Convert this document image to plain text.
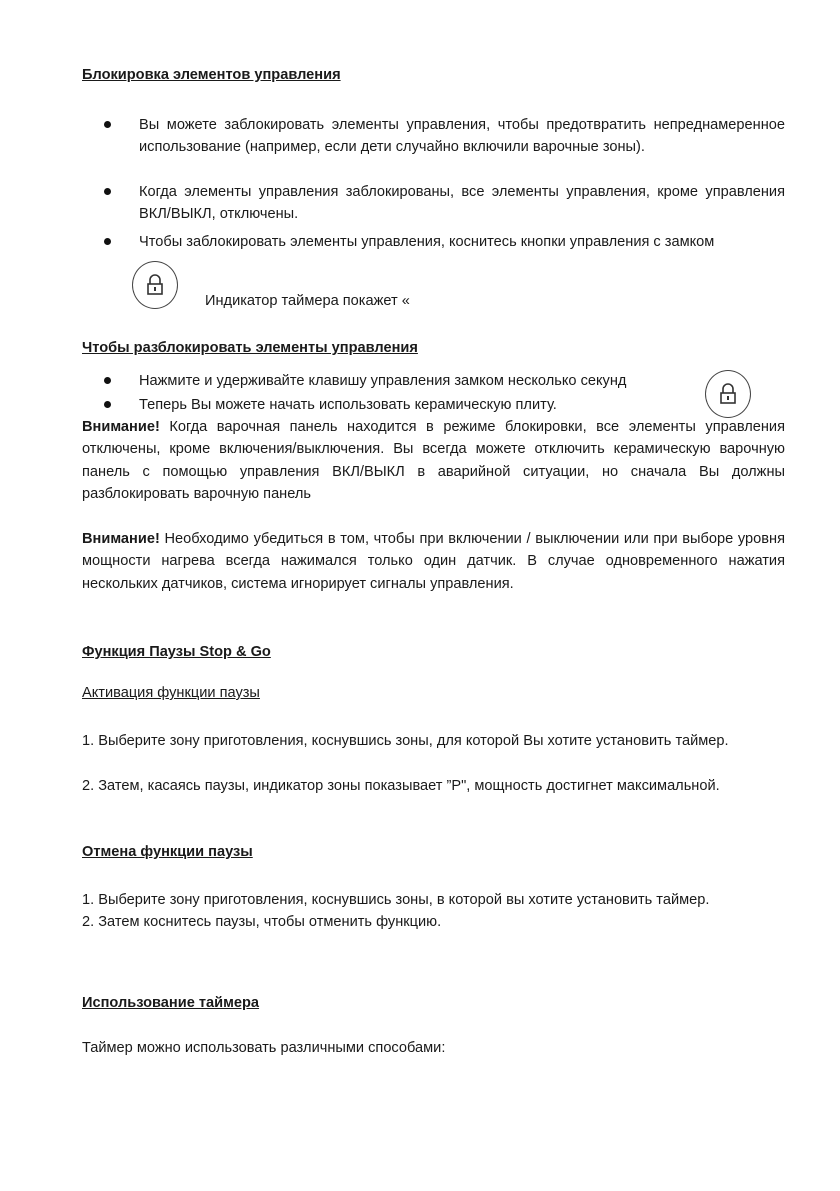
Блокировка элементов управления
Вы можете заблокировать элементы управления, чтобы предотвратить непреднамеренное использование (например, если дети случайно включили варочные зоны).
Когда элементы управления заблокированы, все элементы управления, кроме управления ВКЛ/ВЫКЛ, отключены.
Чтобы заблокировать элементы управления, коснитесь кнопки управления с замком
Индикатор таймера покажет «
Чтобы разблокировать элементы управления
Нажмите и удерживайте клавишу управления замком несколько секунд
Теперь Вы можете начать использовать керамическую плиту.
Внимание! Когда варочная панель находится в режиме блокировки, все элементы управления отключены, кроме включения/выключения. Вы всегда можете отключить керамическую варочную панель с помощью управления ВКЛ/ВЫКЛ в аварийной ситуации, но сначала Вы должны разблокировать варочную панель
Внимание! Необходимо убедиться в том, чтобы при включении / выключении или при выборе уровня мощности нагрева всегда нажимался только один датчик. В случае одновременного нажатия нескольких датчиков, система игнорирует сигналы управления.
Функция Паузы Stop & Go
Активация функции паузы
1. Выберите зону приготовления, коснувшись зоны, для которой Вы хотите установить таймер.
2. Затем, касаясь паузы, индикатор зоны показывает ”P", мощность достигнет максимальной.
Отмена функции паузы
1. Выберите зону приготовления, коснувшись зоны, в которой вы хотите установить таймер.
2. Затем коснитесь паузы, чтобы отменить функцию.
Использование таймера
Таймер можно использовать различными способами:
